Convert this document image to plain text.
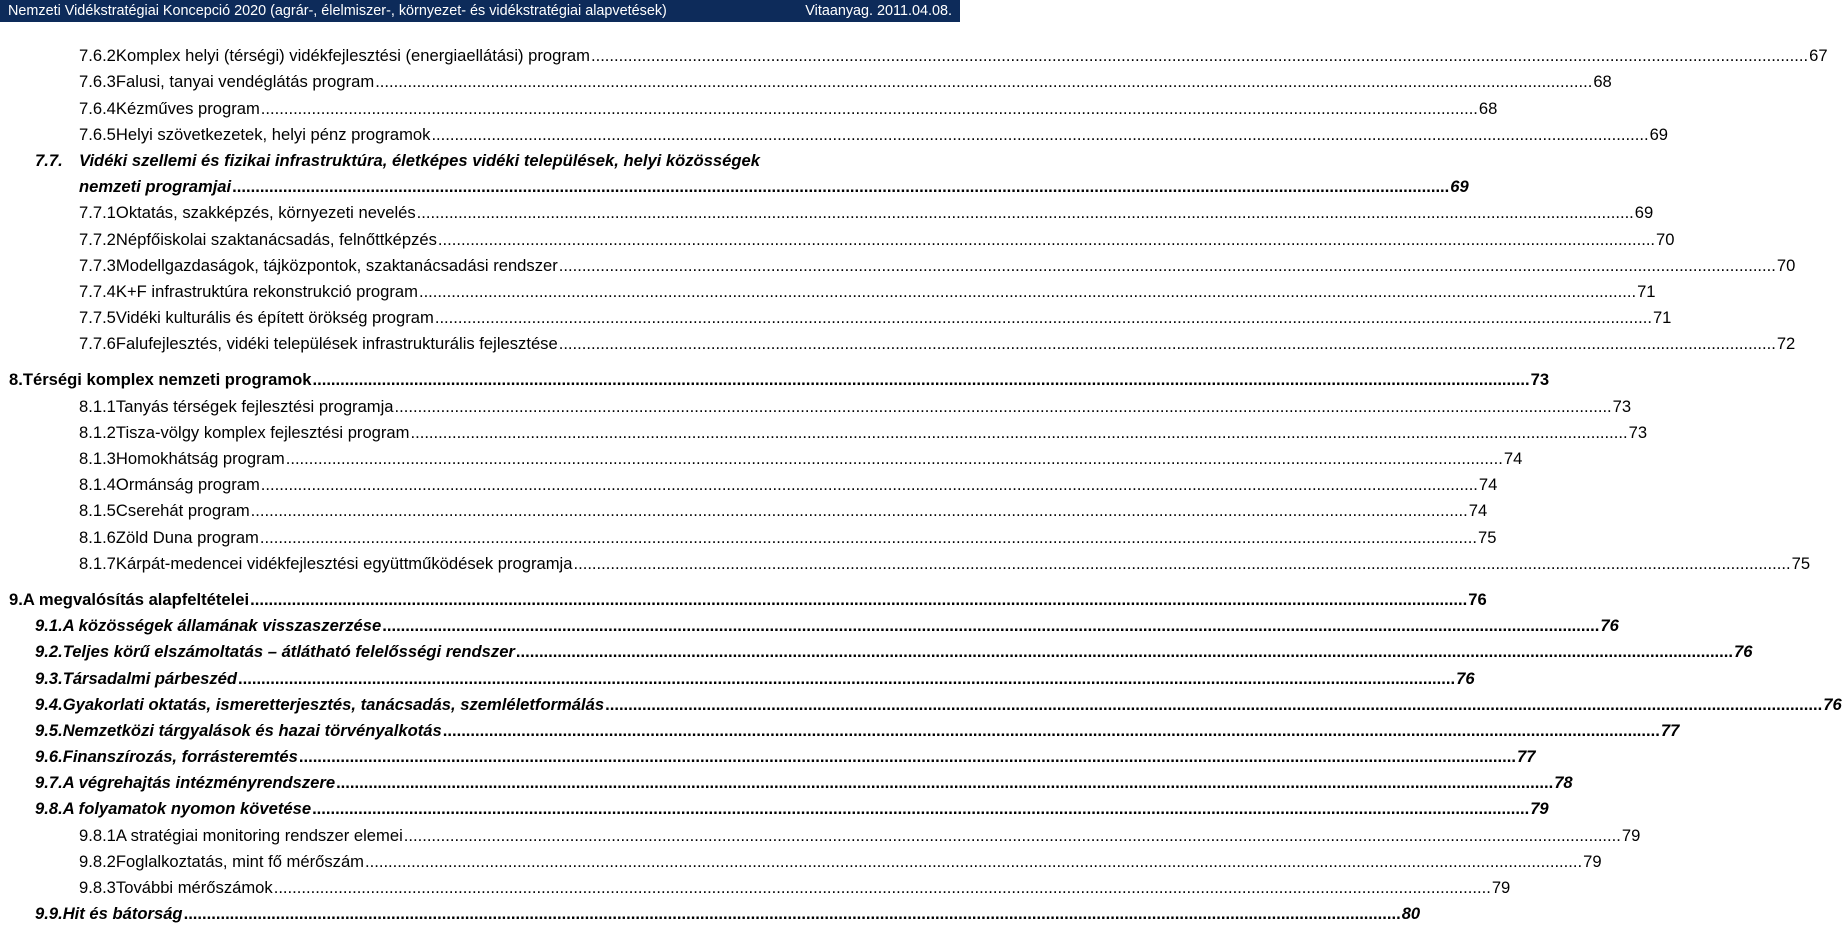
Nemzeti Vidékstratégiai Koncepció 2020 (agrár-, élelmiszer-, környezet- és vidékstratégiai alapvetések)	Vitaanyag. 2011.04.08.
7.6.2 Komplex helyi (térségi) vidékfejlesztési (energiaellátási) program .....	67
7.6.3 Falusi, tanyai vendéglátás program .....	68
7.6.4 Kézműves program .....	68
7.6.5 Helyi szövetkezetek, helyi pénz programok .....	69
7.7. Vidéki szellemi és fizikai infrastruktúra, életképes vidéki települések, helyi közösségek
nemzeti programjai .....	69
7.7.1 Oktatás, szakképzés, környezeti nevelés .....	69
7.7.2 Népfőiskolai szaktanácsadás, felnőttképzés .....	70
7.7.3 Modellgazdaságok, tájközpontok, szaktanácsadási rendszer .....	70
7.7.4 K+F infrastruktúra rekonstrukció program .....	71
7.7.5 Vidéki kulturális és épített örökség program .....	71
7.7.6 Falufejlesztés, vidéki települések infrastrukturális fejlesztése .....	72
8. Térségi komplex nemzeti programok .....	73
8.1.1 Tanyás térségek fejlesztési programja .....	73
8.1.2 Tisza-völgy komplex fejlesztési program .....	73
8.1.3 Homokhátság program .....	74
8.1.4 Ormánság program .....	74
8.1.5 Cserehát program .....	74
8.1.6 Zöld Duna program .....	75
8.1.7 Kárpát-medencei vidékfejlesztési együttműködések programja .....	75
9. A megvalósítás alapfeltételei .....	76
9.1. A közösségek államának visszaszerzése .....	76
9.2. Teljes körű elszámoltatás – átlátható felelősségi rendszer .....	76
9.3. Társadalmi párbeszéd .....	76
9.4. Gyakorlati oktatás, ismeretterjesztés, tanácsadás, szemléletformálás .....	76
9.5. Nemzetközi tárgyalások és hazai törvényalkotás .....	77
9.6. Finanszírozás, forrásteremtés .....	77
9.7. A végrehajtás intézményrendszere .....	78
9.8. A folyamatok nyomon követése .....	79
9.8.1 A stratégiai monitoring rendszer elemei .....	79
9.8.2 Foglalkoztatás, mint fő mérőszám .....	79
9.8.3 További mérőszámok .....	79
9.9. Hit és bátorság .....	80
